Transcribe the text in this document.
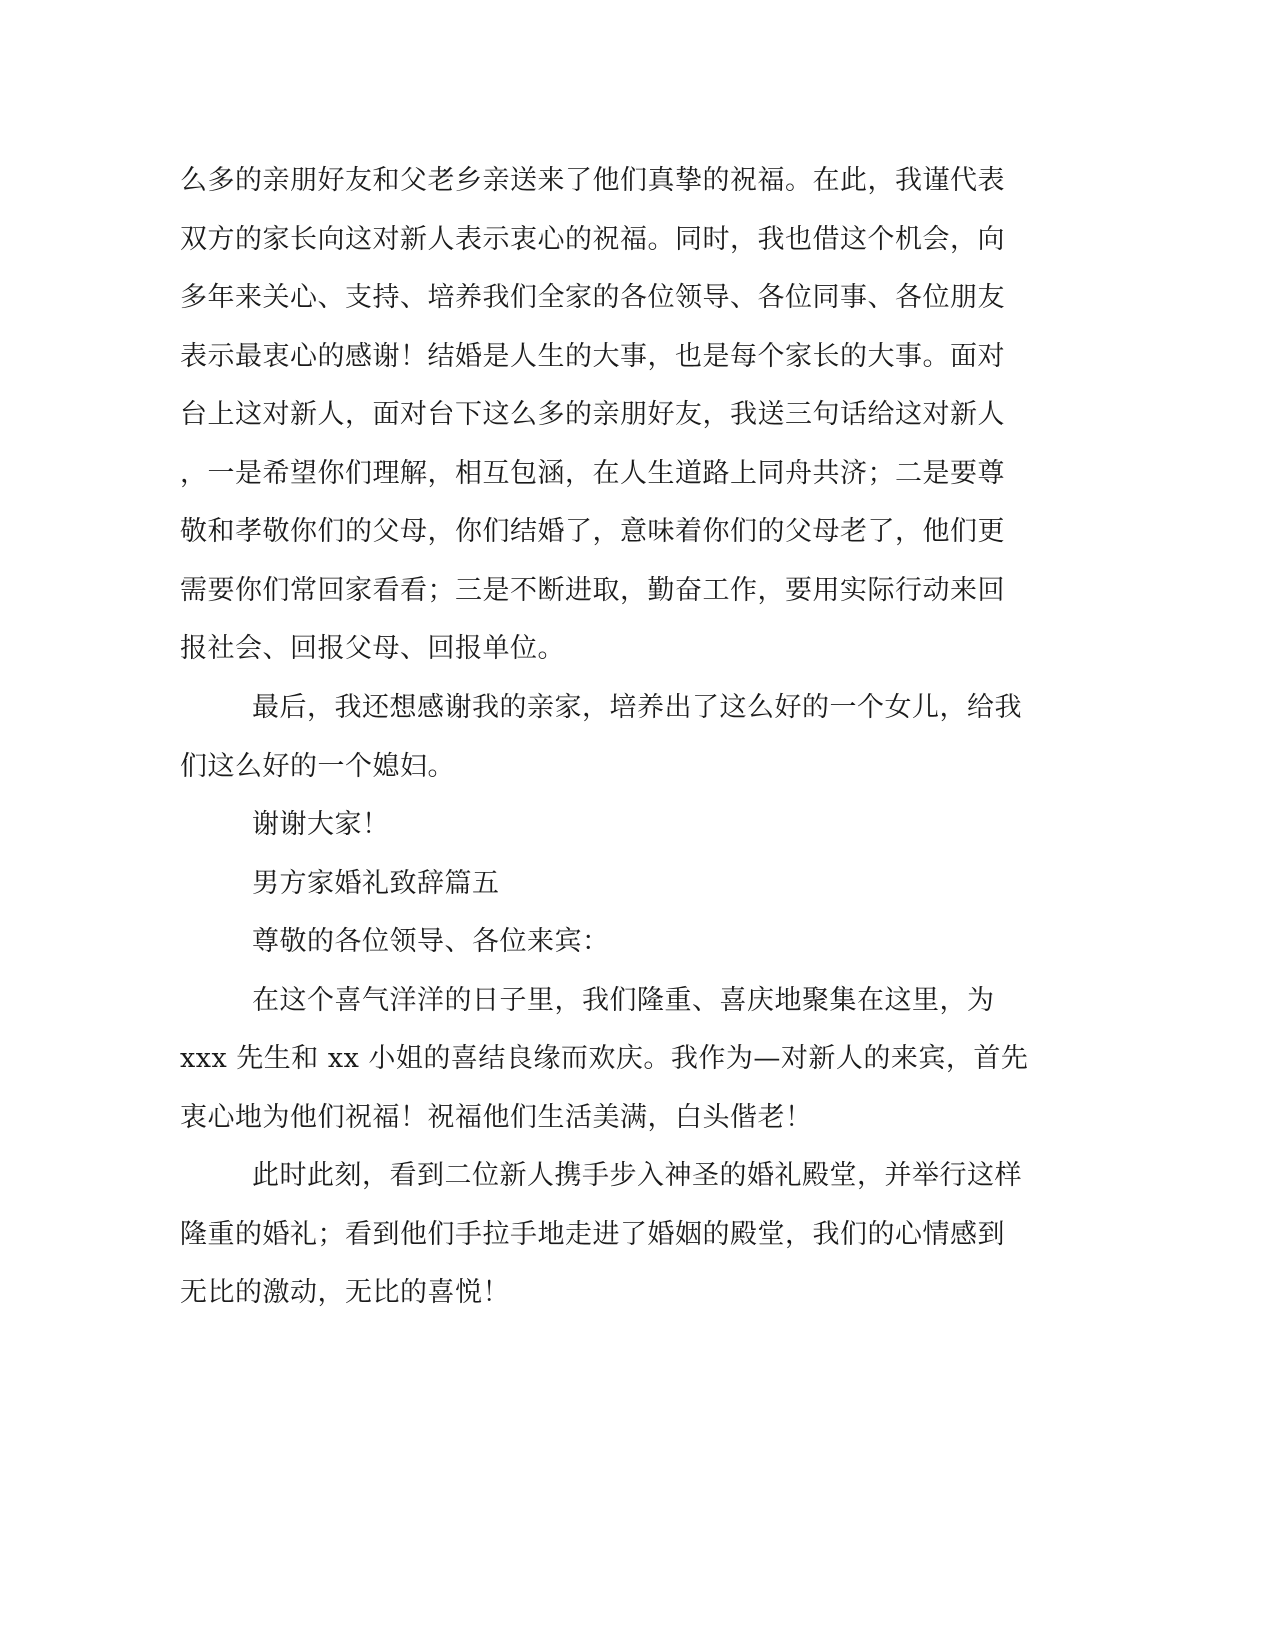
么多的亲朋好友和父老乡亲送来了他们真挚的祝福。在此，我谨代表

双方的家长向这对新人表示衷心的祝福。同时，我也借这个机会，向

多年来关心、支持、培养我们全家的各位领导、各位同事、各位朋友

表示最衷心的感谢！结婚是人生的大事，也是每个家长的大事。面对

台上这对新人，面对台下这么多的亲朋好友，我送三句话给这对新人

，一是希望你们理解，相互包涵，在人生道路上同舟共济；二是要尊

敬和孝敬你们的父母，你们结婚了，意味着你们的父母老了，他们更

需要你们常回家看看；三是不断进取，勤奋工作，要用实际行动来回

报社会、回报父母、回报单位。

最后，我还想感谢我的亲家，培养出了这么好的一个女儿，给我

们这么好的一个媳妇。

谢谢大家！

男方家婚礼致辞篇五

尊敬的各位领导、各位来宾：

在这个喜气洋洋的日子里，我们隆重、喜庆地聚集在这里，为

xxx 先生和 xx 小姐的喜结良缘而欢庆。我作为—对新人的来宾，首先

衷心地为他们祝福！祝福他们生活美满，白头偕老！

此时此刻，看到二位新人携手步入神圣的婚礼殿堂，并举行这样

隆重的婚礼；看到他们手拉手地走进了婚姻的殿堂，我们的心情感到

无比的激动，无比的喜悦！
